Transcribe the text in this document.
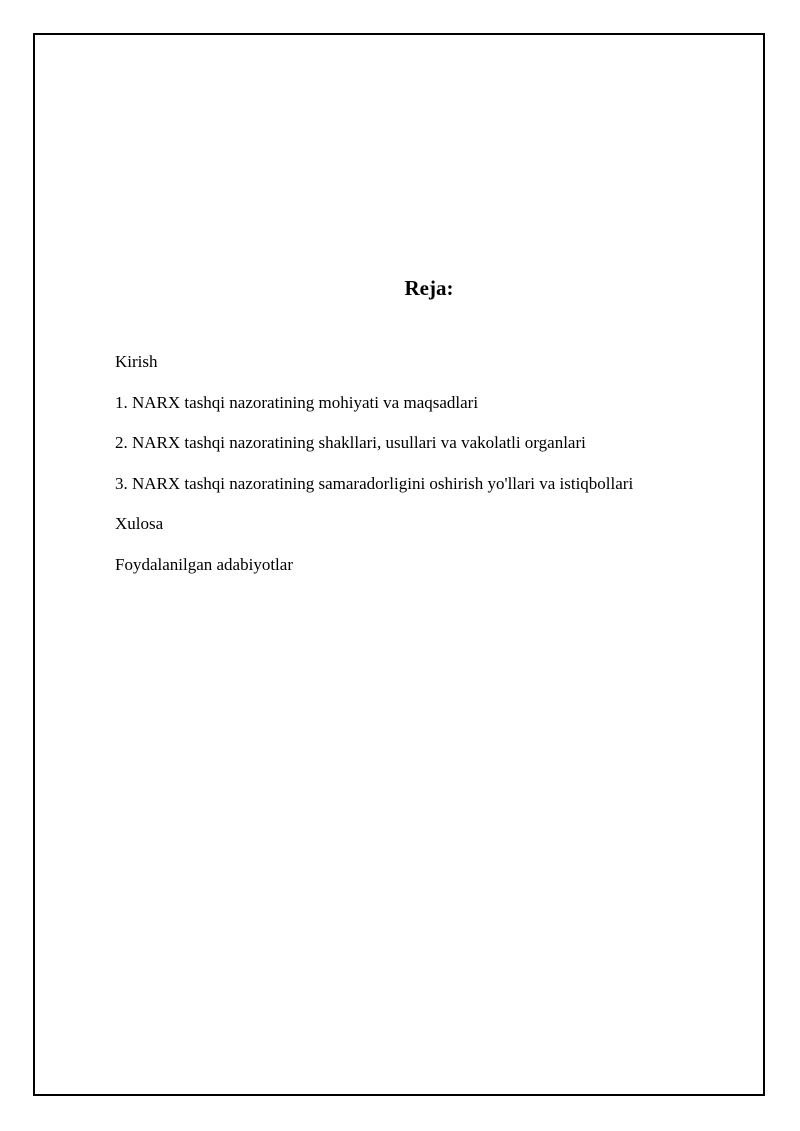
Reja:
Kirish
1. NARX tashqi nazoratining mohiyati va maqsadlari
2. NARX tashqi nazoratining shakllari, usullari va vakolatli organlari
3. NARX tashqi nazoratining samaradorligini oshirish yo'llari va istiqbollari
Xulosa
Foydalanilgan adabiyotlar
